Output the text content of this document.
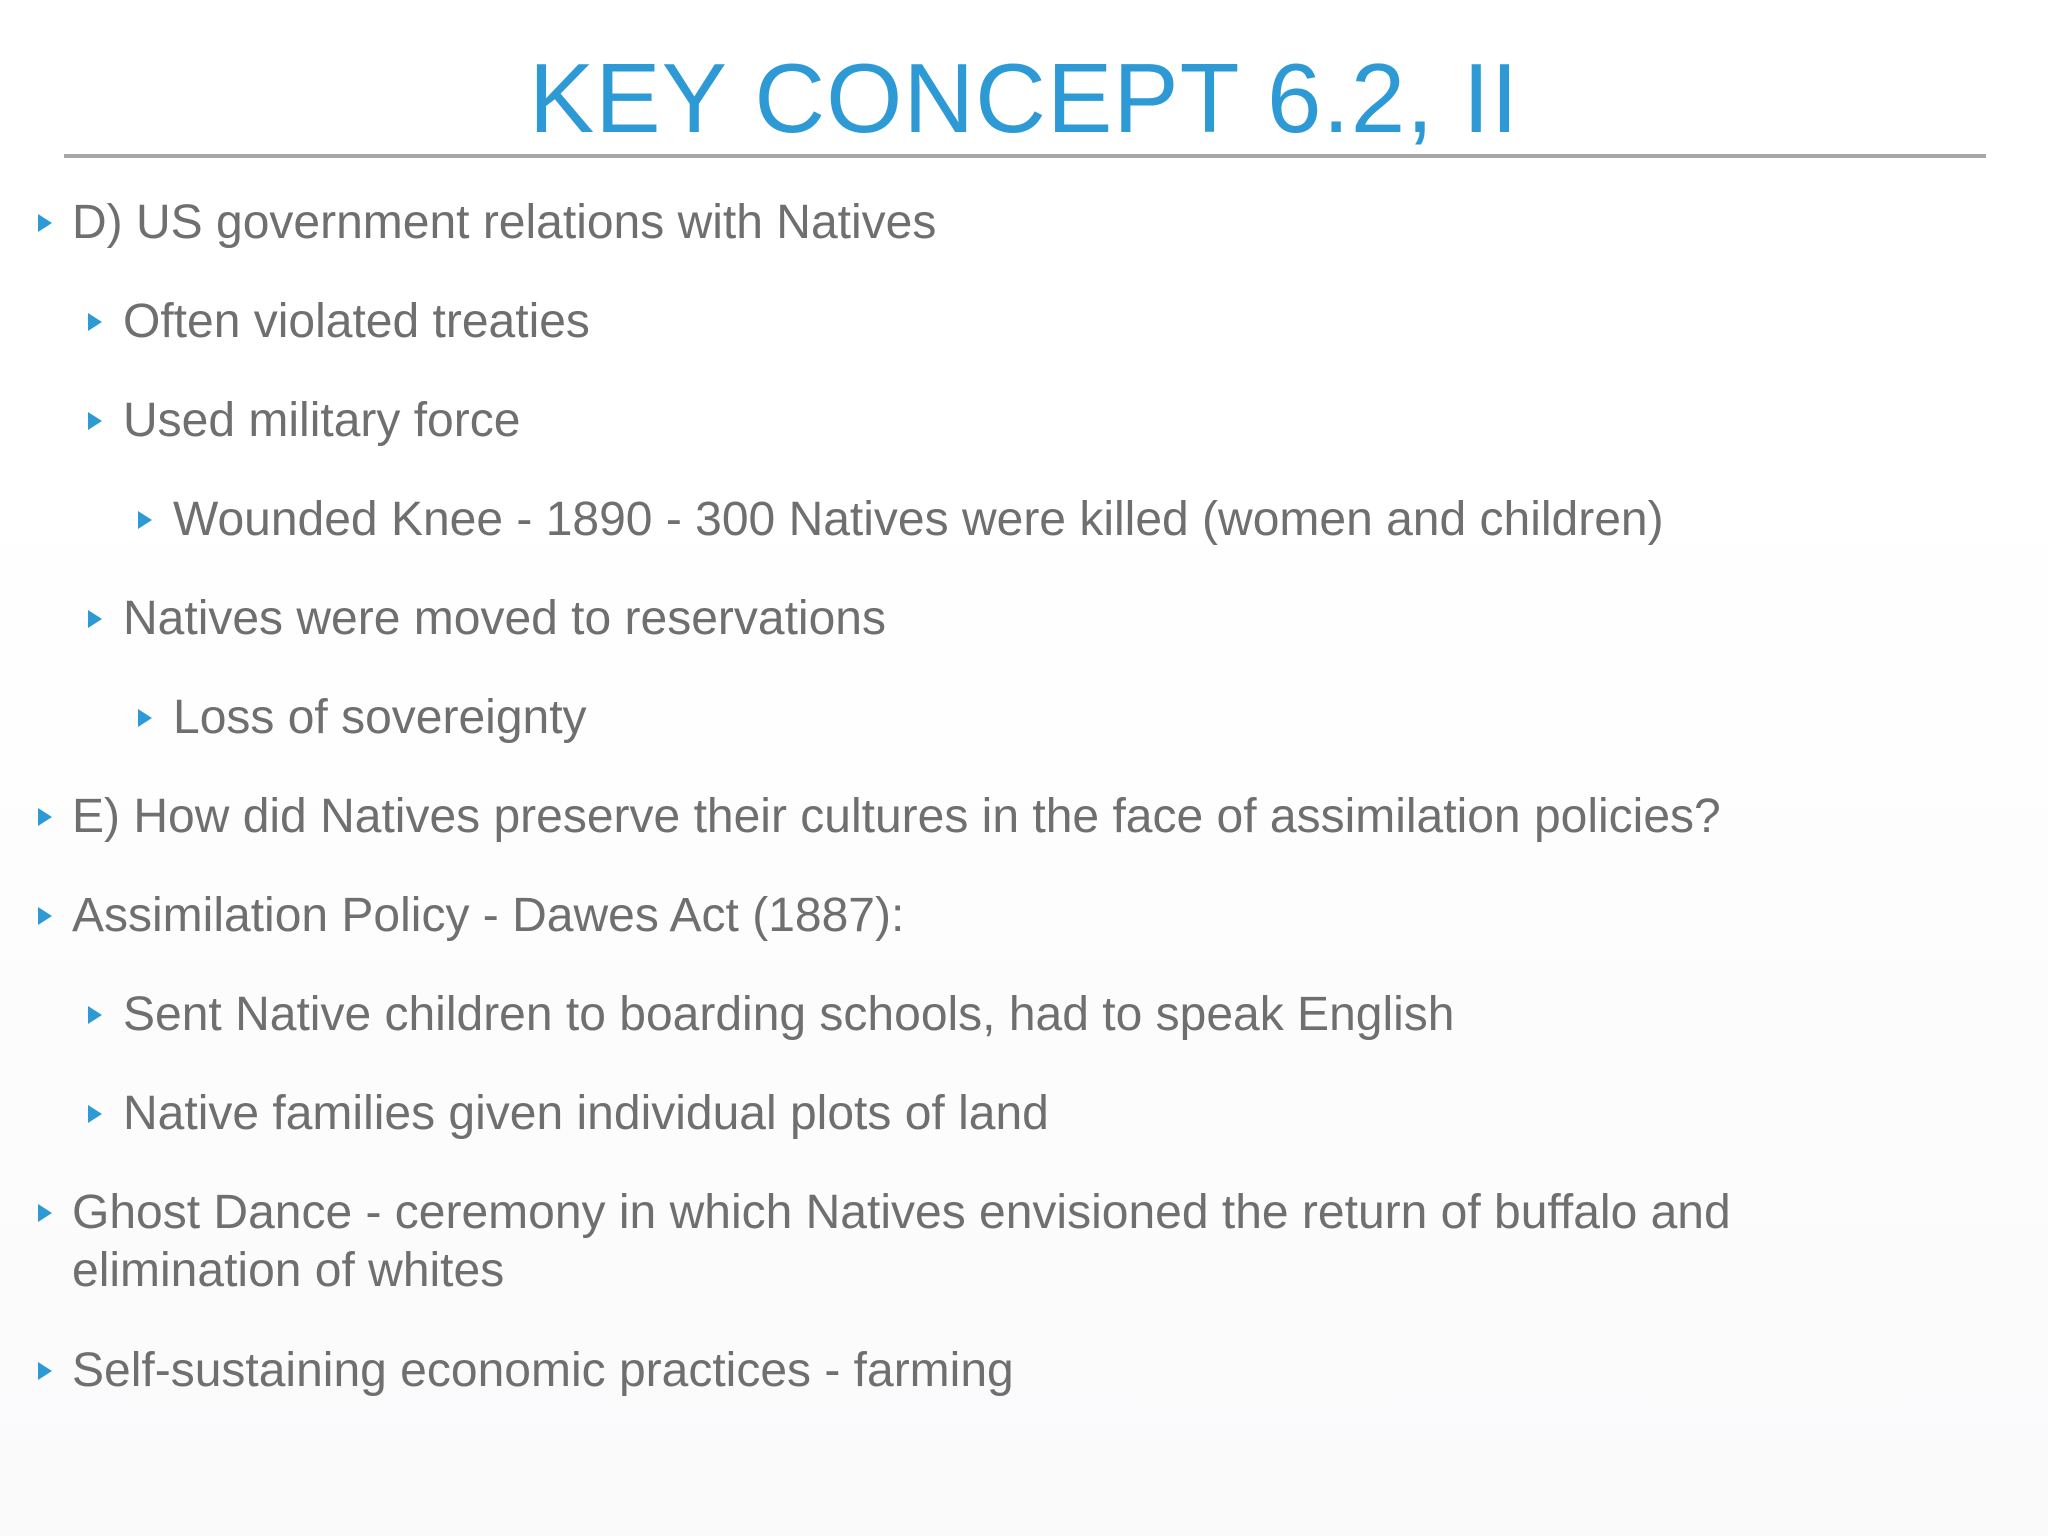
KEY CONCEPT 6.2, II
D) US government relations with Natives
Often violated treaties
Used military force
Wounded Knee - 1890 - 300 Natives were killed (women and children)
Natives were moved to reservations
Loss of sovereignty
E) How did Natives preserve their cultures in the face of assimilation policies?
Assimilation Policy - Dawes Act (1887):
Sent Native children to boarding schools, had to speak English
Native families given individual plots of land
Ghost Dance - ceremony in which Natives envisioned the return of buffalo and elimination of whites
Self-sustaining economic practices - farming
